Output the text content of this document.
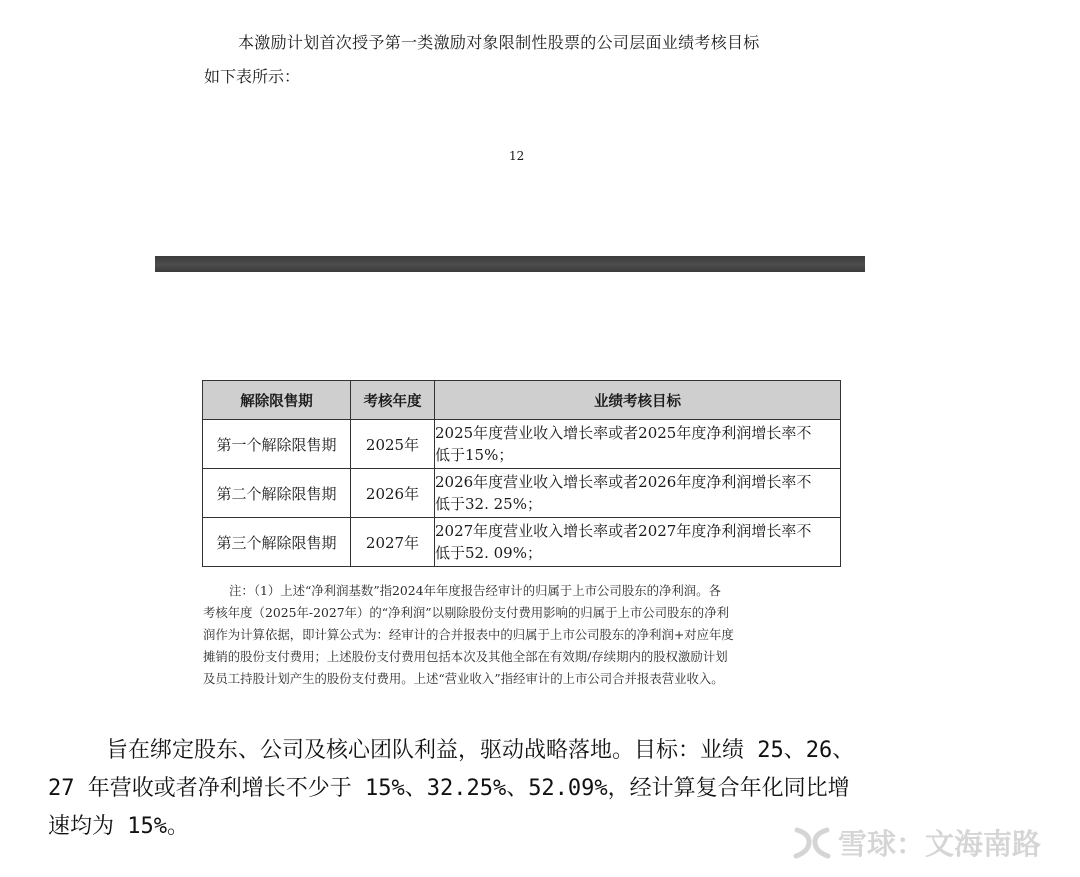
本激励计划首次授予第一类激励对象限制性股票的公司层面业绩考核目标
如下表所示：
12
解除限售期	考核年度	业绩考核目标
第一个解除限售期	2025年	2025年度营业收入增长率或者2025年度净利润增长率不
低于15%；

第二个解除限售期	2026年	2026年度营业收入增长率或者2026年度净利润增长率不
低于32. 25%；

第三个解除限售期	2027年	2027年度营业收入增长率或者2027年度净利润增长率不
低于52. 09%；
注：（1）上述“净利润基数”指2024年年度报告经审计的归属于上市公司股东的净利润。各
考核年度（2025年-2027年）的“净利润”以剔除股份支付费用影响的归属于上市公司股东的净利
润作为计算依据，即计算公式为：经审计的合并报表中的归属于上市公司股东的净利润+对应年度
摊销的股份支付费用；上述股份支付费用包括本次及其他全部在有效期/存续期内的股权激励计划
及员工持股计划产生的股份支付费用。上述“营业收入”指经审计的上市公司合并报表营业收入。
旨在绑定股东、公司及核心团队利益，驱动战略落地。目标：业绩 25、26、
27 年营收或者净利增长不少于 15%、32.25%、52.09%，经计算复合年化同比增
速均为 15%。	雪球：文海南路
